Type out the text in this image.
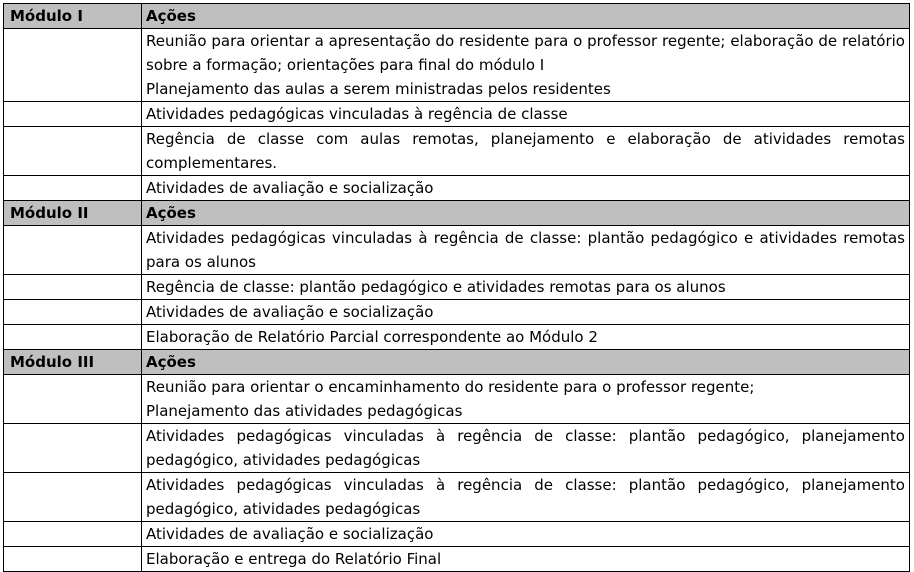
Módulo I	Ações

	Reunião para orientar a apresentação do residente para o professor regente; elaboração de relatório sobre a formação; orientações para final do módulo I
Planejamento das aulas a serem ministradas pelos residentes

	Atividades pedagógicas vinculadas à regência de classe

	Regência de classe com aulas remotas, planejamento e elaboração de atividades remotas complementares.

	Atividades de avaliação e socialização

Módulo II	Ações

	Atividades pedagógicas vinculadas à regência de classe: plantão pedagógico e atividades remotas para os alunos

	Regência de classe: plantão pedagógico e atividades remotas para os alunos

	Atividades de avaliação e socialização

	Elaboração de Relatório Parcial correspondente ao Módulo 2

Módulo III	Ações

	Reunião para orientar o encaminhamento do residente para o professor regente;
Planejamento das atividades pedagógicas

	Atividades pedagógicas vinculadas à regência de classe: plantão pedagógico, planejamento pedagógico, atividades pedagógicas

	Atividades pedagógicas vinculadas à regência de classe: plantão pedagógico, planejamento pedagógico, atividades pedagógicas

	Atividades de avaliação e socialização

	Elaboração e entrega do Relatório Final
